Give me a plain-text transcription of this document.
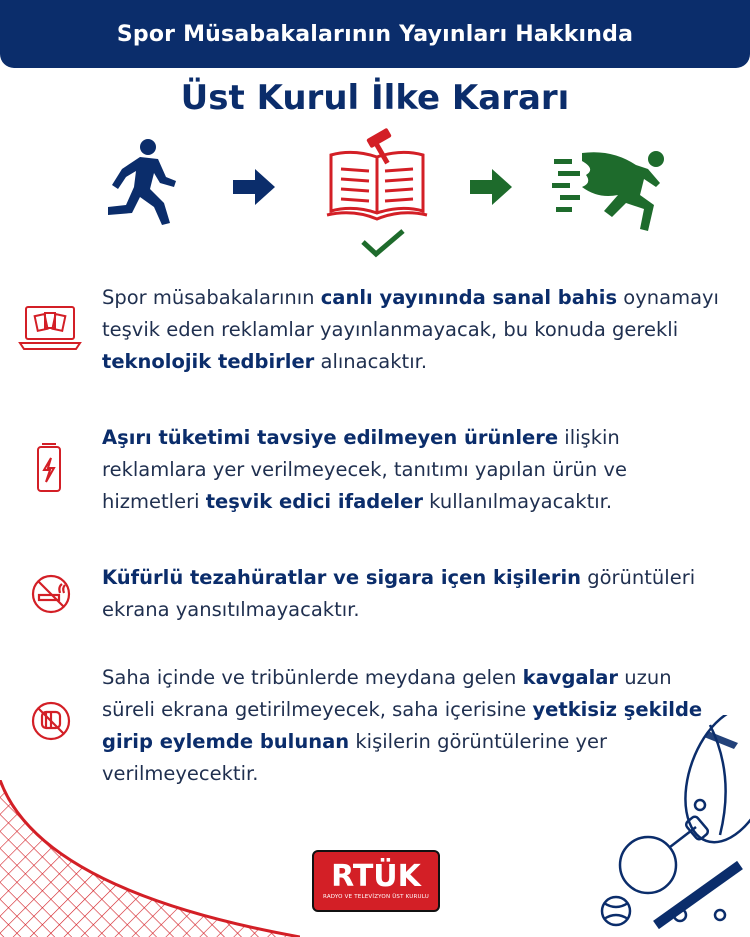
Spor Müsabakalarının Yayınları Hakkında
Üst Kurul İlke Kararı
Spor müsabakalarının canlı yayınında sanal bahis oynamayı teşvik eden reklamlar yayınlanmayacak, bu konuda gerekli teknolojik tedbirler alınacaktır.
Aşırı tüketimi tavsiye edilmeyen ürünlere ilişkin reklamlara yer verilmeyecek, tanıtımı yapılan ürün ve hizmetleri teşvik edici ifadeler kullanılmayacaktır.
Küfürlü tezahüratlar ve sigara içen kişilerin görüntüleri ekrana yansıtılmayacaktır.
Saha içinde ve tribünlerde meydana gelen kavgalar uzun süreli ekrana getirilmeyecek, saha içerisine yetkisiz şekilde girip eylemde bulunan kişilerin görüntülerine yer verilmeyecektir.
RTÜK
RADYO VE TELEVİZYON ÜST KURULU
